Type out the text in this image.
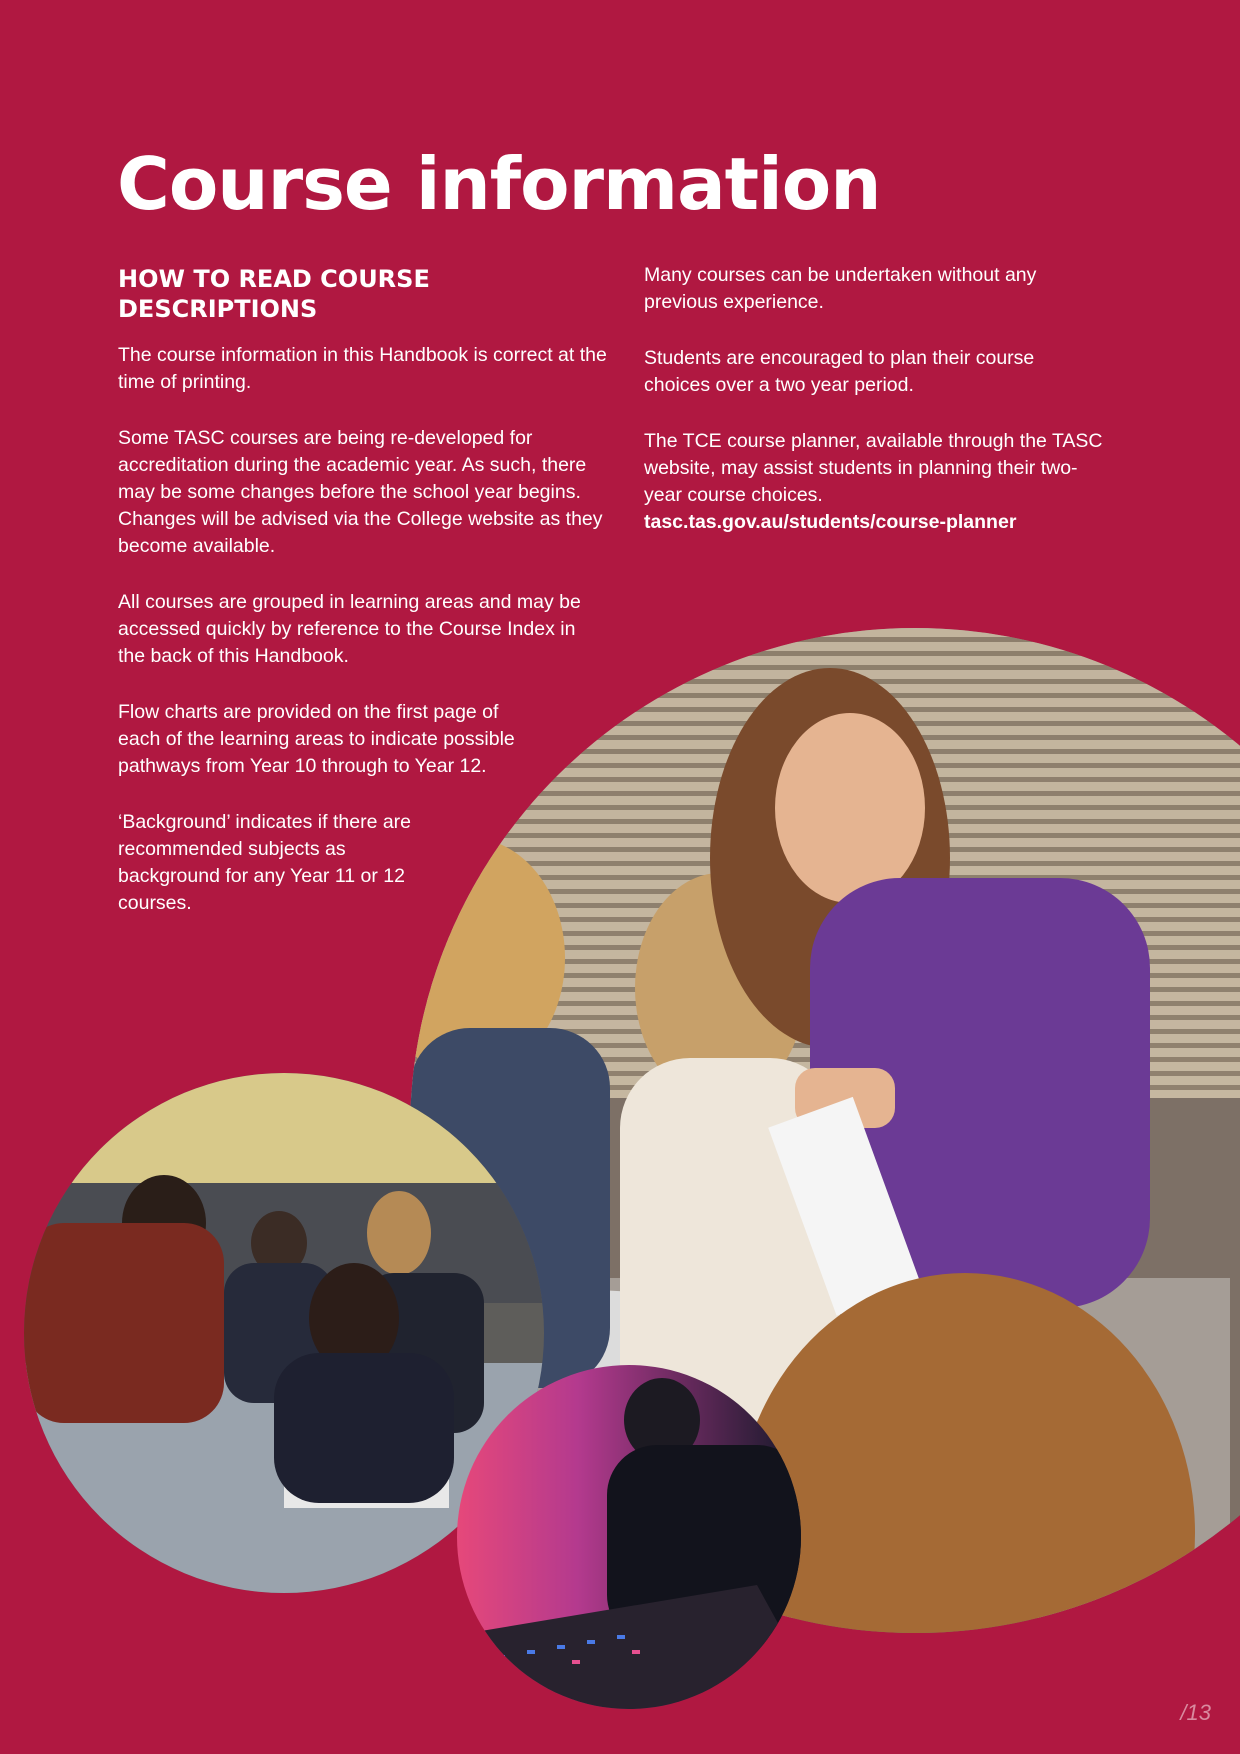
Course information
HOW TO READ COURSE DESCRIPTIONS

The course information in this Handbook is correct at the time of printing.

Some TASC courses are being re-developed for accreditation during the academic year. As such, there may be some changes before the school year begins. Changes will be advised via the College website as they become available.

All courses are grouped in learning areas and may be accessed quickly by reference to the Course Index in the back of this Handbook.

Flow charts are provided on the first page of each of the learning areas to indicate possible pathways from Year 10 through to Year 12.

‘Background’ indicates if there are recommended subjects as background for any Year 11 or 12 courses.

Many courses can be undertaken without any previous experience.

Students are encouraged to plan their course choices over a two year period.

The TCE course planner, available through the TASC website, may assist students in planning their two-year course choices.
tasc.tas.gov.au/students/course-planner

/13
